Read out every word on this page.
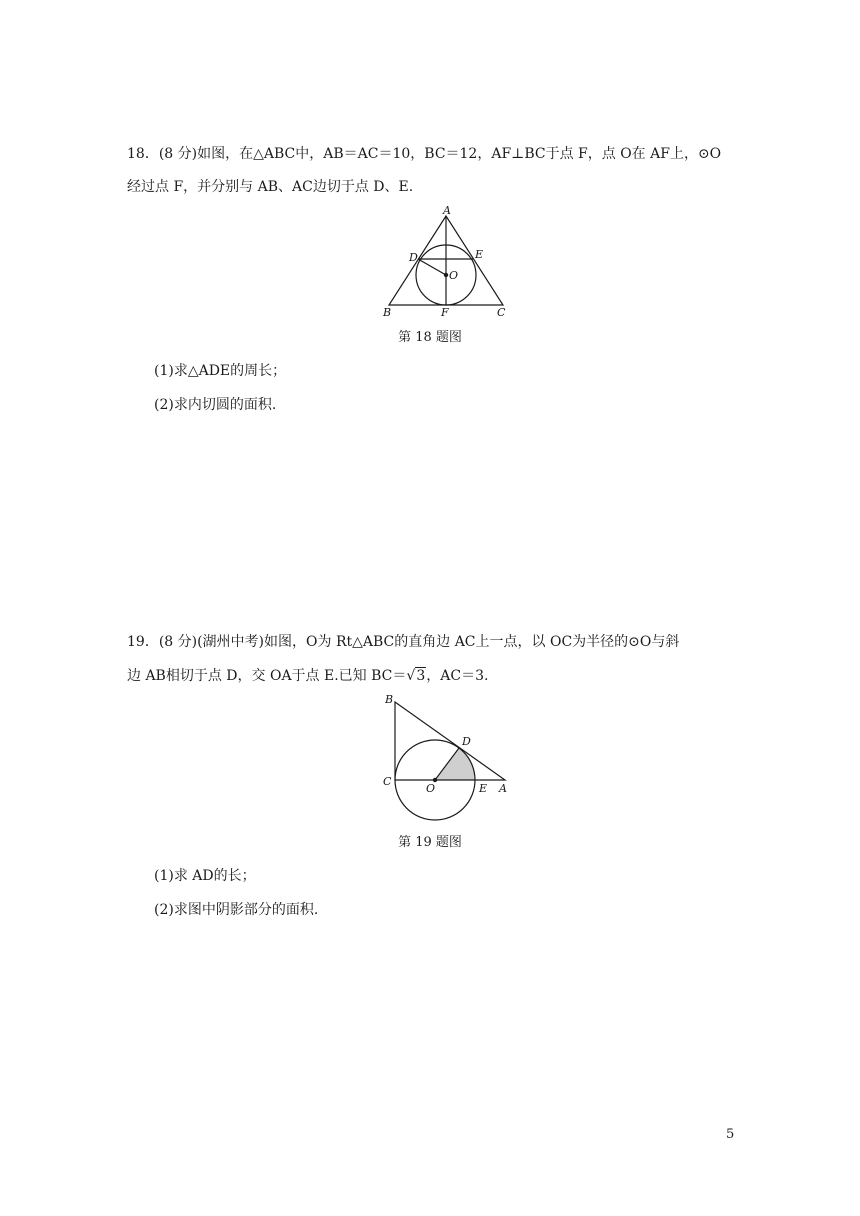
18．(8 分)如图，在△ABC中，AB＝AC＝10，BC＝12，AF⊥BC于点 F，点 O在 AF上，⊙O
经过点 F，并分别与 AB、AC边切于点 D、E.
A
B	C
D	E
F
O
B
C
D
E A
O
第 18 题图
(1)求△ADE的周长；
(2)求内切圆的面积.
19．(8 分)(湖州中考)如图，O为 Rt△ABC的直角边 AC上一点，以 OC为半径的⊙O与斜
边 AB相切于点 D，交 OA于点 E.已知 BC＝√3，AC＝3.
第 19 题图
(1)求 AD的长；
(2)求图中阴影部分的面积.
5
